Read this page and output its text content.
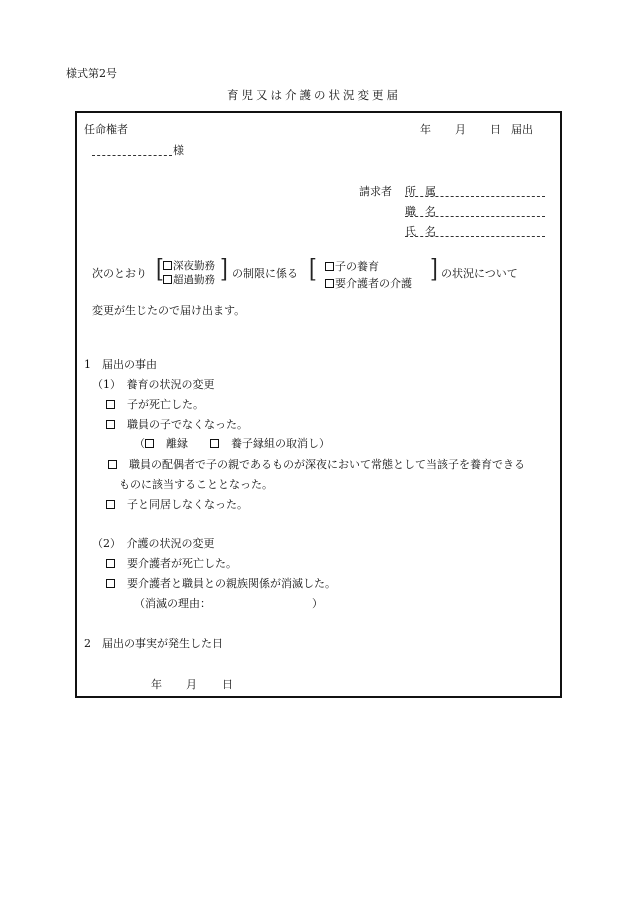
様式第2号
育児又は介護の状況変更届
任命権者	年 月 日 届出
様
請求者 所属
職名
氏名
次のとおり [ 深夜勤務
超過勤務 ] の制限に係る [	子の養育
要介護者の介護
] の状況について
変更が生じたので届け出ます。
1　届出の事由
（1）　養育の状況の変更
　子が死亡した。
　職員の子でなくなった。
（　 離縁　　　	養子縁組の取消し）
　職員の配偶者で子の親であるものが深夜において常態として当該子を養育できる
ものに該当することとなった。
　子と同居しなくなった。
（2）　介護の状況の変更
　要介護者が死亡した。
　要介護者と職員との親族関係が消滅した。
（消滅の理由：	）
2　届出の事実が発生した日
年 月 日
